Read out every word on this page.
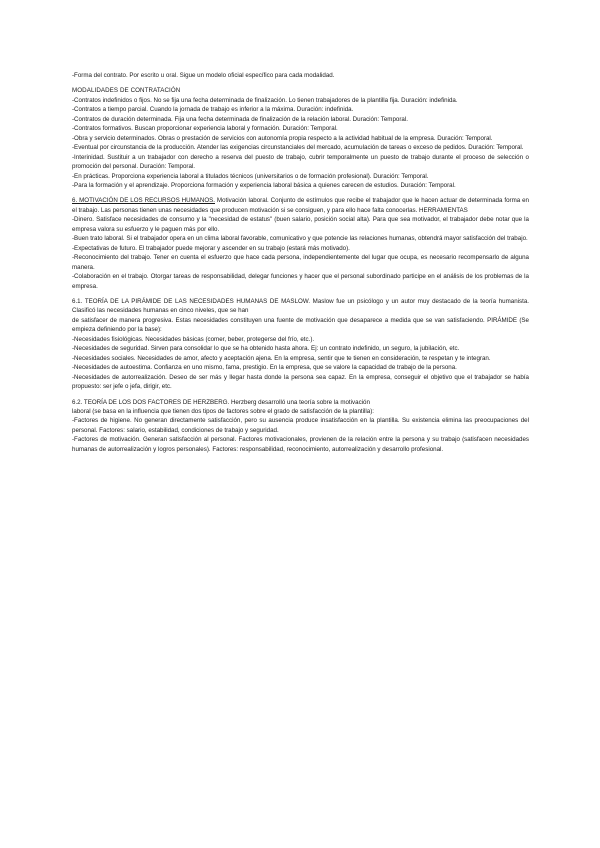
-Forma del contrato. Por escrito u oral. Sigue un modelo oficial específico para cada modalidad.

MODALIDADES DE CONTRATACIÓN

-Contratos indefinidos o fijos. No se fija una fecha determinada de finalización. Lo tienen trabajadores de la plantilla fija. Duración: indefinida.

-Contratos a tiempo parcial. Cuando la jornada de trabajo es inferior a la máxima. Duración: indefinida.

-Contratos de duración determinada. Fija una fecha determinada de finalización de la relación laboral. Duración: Temporal.

-Contratos formativos. Buscan proporcionar experiencia laboral y formación. Duración: Temporal.

-Obra y servicio determinados. Obras o prestación de servicios con autonomía propia respecto a la actividad habitual de la empresa. Duración: Temporal.

-Eventual por circunstancia de la producción. Atender las exigencias circunstanciales del mercado, acumulación de tareas o exceso de pedidos. Duración: Temporal.

-Interinidad. Sustituir a un trabajador con derecho a reserva del puesto de trabajo, cubrir temporalmente un puesto de trabajo durante el proceso de selección o promoción del personal. Duración: Temporal.

-En prácticas. Proporciona experiencia laboral a titulados técnicos (universitarios o de formación profesional). Duración: Temporal.

-Para la formación y el aprendizaje. Proporciona formación y experiencia laboral básica a quienes carecen de estudios. Duración: Temporal.

6. MOTIVACIÓN DE LOS RECURSOS HUMANOS. Motivación laboral. Conjunto de estímulos que recibe el trabajador que le hacen actuar de determinada forma en el trabajo. Las personas tienen unas necesidades que producen motivación si se consiguen, y para ello hace falta conocerlas. HERRAMIENTAS

-Dinero. Satisface necesidades de consumo y la "necesidad de estatus" (buen salario, posición social alta). Para que sea motivador, el trabajador debe notar que la empresa valora su esfuerzo y le paguen más por ello.

-Buen trato laboral. Si el trabajador opera en un clima laboral favorable, comunicativo y que potencie las relaciones humanas, obtendrá mayor satisfacción del trabajo.

-Expectativas de futuro. El trabajador puede mejorar y ascender en su trabajo (estará más motivado).

-Reconocimiento del trabajo. Tener en cuenta el esfuerzo que hace cada persona, independientemente del lugar que ocupa, es necesario recompensarlo de alguna manera.

-Colaboración en el trabajo. Otorgar tareas de responsabilidad, delegar funciones y hacer que el personal subordinado participe en el análisis de los problemas de la empresa.

6.1. TEORÍA DE LA PIRÁMIDE DE LAS NECESIDADES HUMANAS DE MASLOW. Maslow fue un psicólogo y un autor muy destacado de la teoría humanista. Clasificó las necesidades humanas en cinco niveles, que se han

de satisfacer de manera progresiva. Estas necesidades constituyen una fuente de motivación que desaparece a medida que se van satisfaciendo. PIRÁMIDE (Se empieza definiendo por la base):

-Necesidades fisiológicas. Necesidades básicas (comer, beber, protegerse del frío, etc.).

-Necesidades de seguridad. Sirven para consolidar lo que se ha obtenido hasta ahora. Ej: un contrato indefinido, un seguro, la jubilación, etc.

-Necesidades sociales. Necesidades de amor, afecto y aceptación ajena. En la empresa, sentir que te tienen en consideración, te respetan y te integran.

-Necesidades de autoestima. Confianza en uno mismo, fama, prestigio. En la empresa, que se valore la capacidad de trabajo de la persona.

-Necesidades de autorrealización. Deseo de ser más y llegar hasta donde la persona sea capaz. En la empresa, conseguir el objetivo que el trabajador se había propuesto: ser jefe o jefa, dirigir, etc.

6.2. TEORÍA DE LOS DOS FACTORES DE HERZBERG. Herzberg desarrolló una teoría sobre la motivación

laboral (se basa en la influencia que tienen dos tipos de factores sobre el grado de satisfacción de la plantilla):

-Factores de higiene. No generan directamente satisfacción, pero su ausencia produce insatisfacción en la plantilla. Su existencia elimina las preocupaciones del personal. Factores: salario, estabilidad, condiciones de trabajo y seguridad.

-Factores de motivación. Generan satisfacción al personal. Factores motivacionales, provienen de la relación entre la persona y su trabajo (satisfacen necesidades humanas de autorrealización y logros personales). Factores: responsabilidad, reconocimiento, autorrealización y desarrollo profesional.
